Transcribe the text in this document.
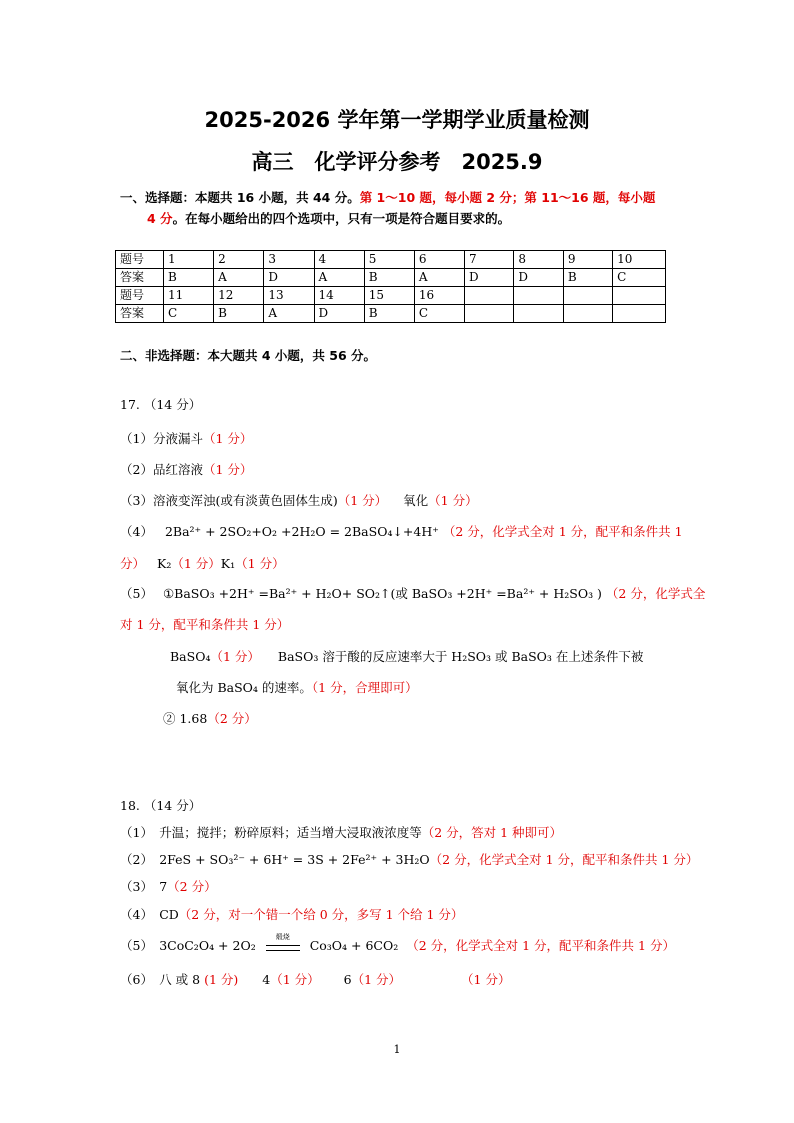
2025-2026 学年第一学期学业质量检测
高三　化学评分参考　2025.9
一、选择题：本题共 16 小题，共 44 分。第 1～10 题，每小题 2 分；第 11～16 题，每小题
4 分。在每小题给出的四个选项中，只有一项是符合题目要求的。
题号	1	2	3	4	5	6	7	8	9	10
答案	B	A	D	A	B	A	D	D	B	C
题号	11	12	13	14	15	16				
答案	C	B	A	D	B	C				
二、非选择题：本大题共 4 小题，共 56 分。
17. （14 分）
（1）分液漏斗（1 分）
（2）品红溶液（1 分）
（3）溶液变浑浊(或有淡黄色固体生成)（1 分） 氧化（1 分）
（4） 2Ba²⁺ + 2SO₂+O₂ +2H₂O = 2BaSO₄↓+4H⁺ （2 分，化学式全对 1 分，配平和条件共 1
分） K₂（1 分）K₁（1 分）
（5） ①BaSO₃ +2H⁺ =Ba²⁺ + H₂O+ SO₂↑(或 BaSO₃ +2H⁺ =Ba²⁺ + H₂SO₃ ) （2 分，化学式全
对 1 分，配平和条件共 1 分）
BaSO₄（1 分） BaSO₃ 溶于酸的反应速率大于 H₂SO₃ 或 BaSO₃ 在上述条件下被
氧化为 BaSO₄ 的速率。（1 分，合理即可）
② 1.68（2 分）
18. （14 分）
（1）　升温；搅拌；粉碎原料；适当增大浸取液浓度等（2 分，答对 1 种即可）
（2）　2FeS + SO₃²⁻ + 6H⁺ = 3S + 2Fe²⁺ + 3H₂O（2 分，化学式全对 1 分，配平和条件共 1 分）
（3）　7（2 分）
（4）　CD（2 分，对一个错一个给 0 分，多写 1 个给 1 分）
（5）　3CoC₂O₄ + 2O₂
煅烧
Co₃O₄ + 6CO₂ （2 分，化学式全对 1 分，配平和条件共 1 分）
（6）　八 或 8 (1 分) 4（1 分） 6（1 分）	（1 分）
1
